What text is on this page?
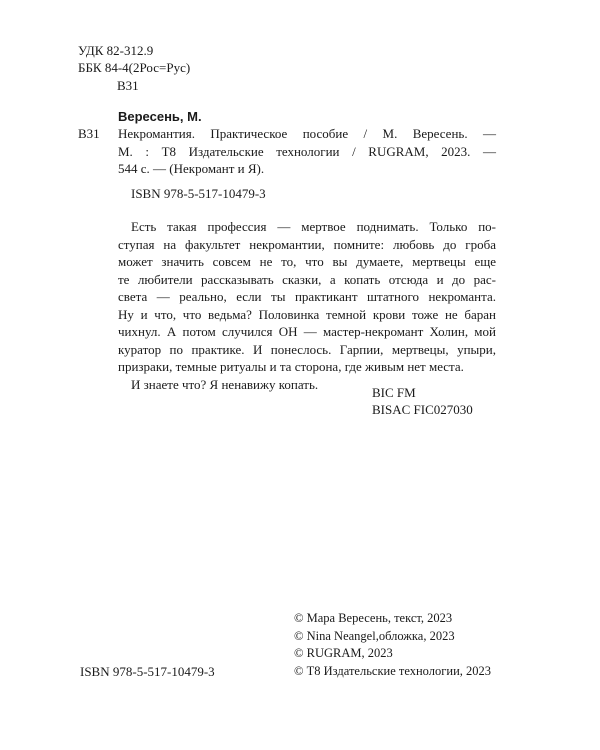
УДК 82-312.9
ББК 84-4(2Рос=Рус)
В31
Вересень, М.
В31 Некромантия. Практическое пособие / М. Вересень. —
М. : Т8 Издательские технологии / RUGRAM, 2023. —
544 с. — (Некромант и Я).
ISBN 978-5-517-10479-3
Есть такая профессия — мертвое поднимать. Только по-
ступая на факультет некромантии, помните: любовь до гроба
может значить совсем не то, что вы думаете, мертвецы еще
те любители рассказывать сказки, а копать отсюда и до рас-
света — реально, если ты практикант штатного некроманта.
Ну и что, что ведьма? Половинка темной крови тоже не баран
чихнул. А потом случился ОН — мастер-некромант Холин, мой
куратор по практике. И понеслось. Гарпии, мертвецы, упыри,
призраки, темные ритуалы и та сторона, где живым нет места.
И знаете что? Я ненавижу копать.
BIC FM
BISAC FIC027030
© Мара Вересень, текст, 2023
© Nina Neangel,обложка, 2023
© RUGRAM, 2023
© Т8 Издательские технологии, 2023
ISBN 978-5-517-10479-3
